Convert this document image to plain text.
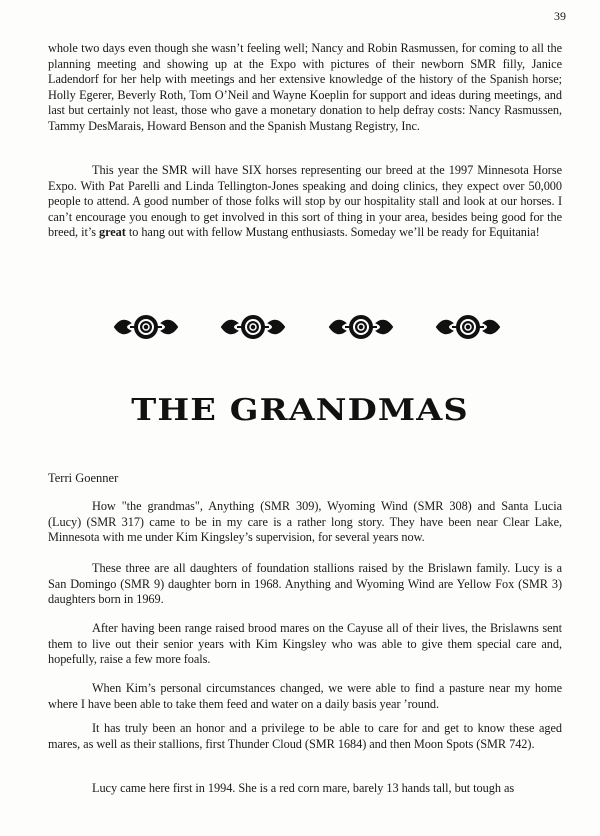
39

whole two days even though she wasn’t feeling well; Nancy and Robin Rasmussen, for coming to all the planning meeting and showing up at the Expo with pictures of their newborn SMR filly, Janice Ladendorf for her help with meetings and her extensive knowledge of the history of the Spanish horse; Holly Egerer, Beverly Roth, Tom O’Neil and Wayne Koeplin for support and ideas during meetings, and last but certainly not least, those who gave a monetary donation to help defray costs: Nancy Rasmussen, Tammy DesMarais, Howard Benson and the Spanish Mustang Registry, Inc.

This year the SMR will have SIX horses representing our breed at the 1997 Minnesota Horse Expo. With Pat Parelli and Linda Tellington-Jones speaking and doing clinics, they expect over 50,000 people to attend. A good number of those folks will stop by our hospitality stall and look at our horses. I can’t encourage you enough to get involved in this sort of thing in your area, besides being good for the breed, it’s great to hang out with fellow Mustang enthusiasts. Someday we’ll be ready for Equitania!

THE GRANDMAS
Terri Goenner

How "the grandmas", Anything (SMR 309), Wyoming Wind (SMR 308) and Santa Lucia (Lucy) (SMR 317) came to be in my care is a rather long story. They have been near Clear Lake, Minnesota with me under Kim Kingsley’s supervision, for several years now.

These three are all daughters of foundation stallions raised by the Brislawn family. Lucy is a San Domingo (SMR 9) daughter born in 1968. Anything and Wyoming Wind are Yellow Fox (SMR 3) daughters born in 1969.

After having been range raised brood mares on the Cayuse all of their lives, the Brislawns sent them to live out their senior years with Kim Kingsley who was able to give them special care and, hopefully, raise a few more foals.

When Kim’s personal circumstances changed, we were able to find a pasture near my home where I have been able to take them feed and water on a daily basis year ’round.

It has truly been an honor and a privilege to be able to care for and get to know these aged mares, as well as their stallions, first Thunder Cloud (SMR 1684) and then Moon Spots (SMR 742).

Lucy came here first in 1994. She is a red corn mare, barely 13 hands tall, but tough as
